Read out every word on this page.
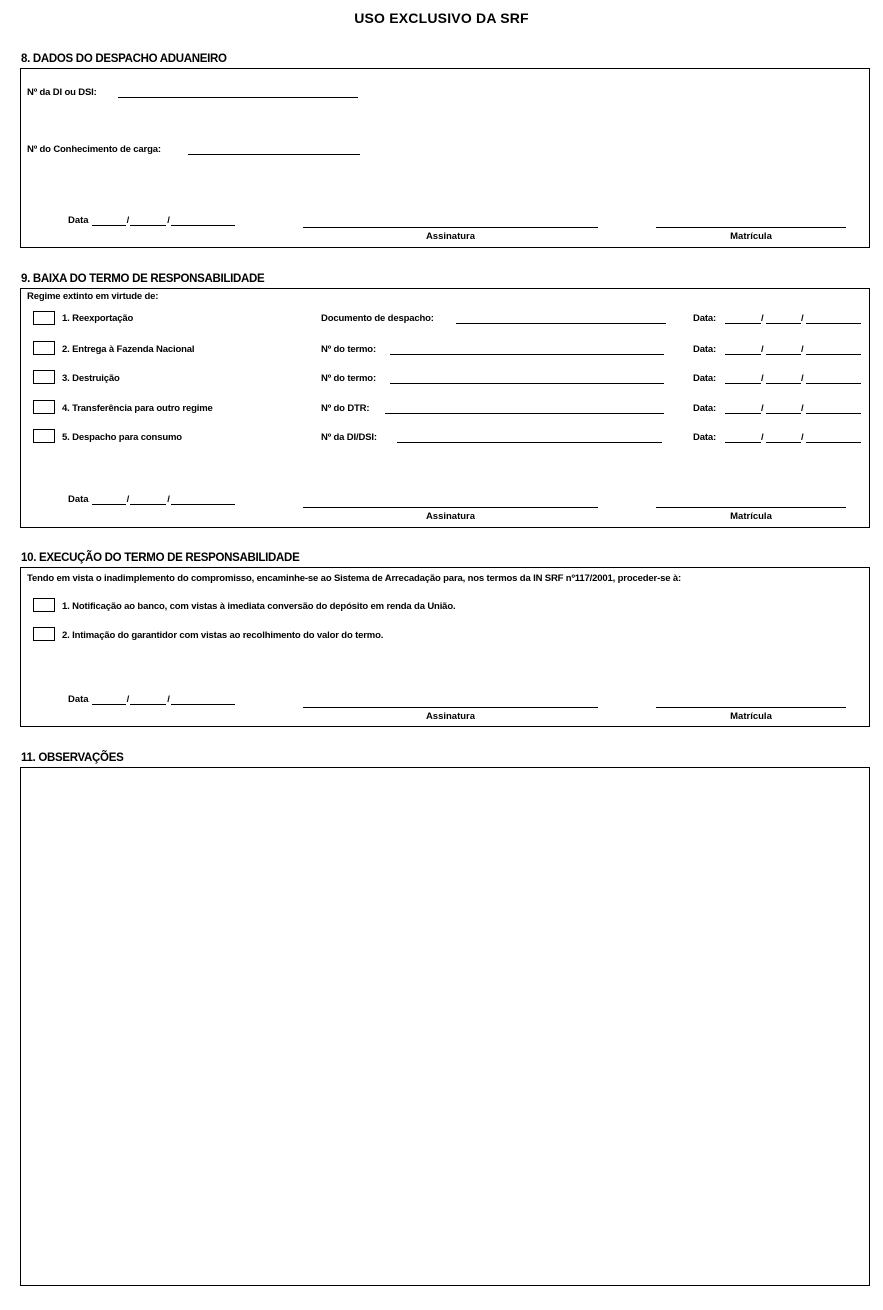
USO EXCLUSIVO DA SRF
8. DADOS DO DESPACHO ADUANEIRO
Nº da DI ou DSI:
Nº do Conhecimento de carga:
Data	/	/
Assinatura	Matrícula
9. BAIXA DO TERMO DE RESPONSABILIDADE
Regime extinto em virtude de:
1. Reexportação	Documento de despacho:	Data:	/	/
2. Entrega à Fazenda Nacional	Nº do termo:	Data:	/	/
3. Destruição	Nº do termo:	Data:	/	/
4. Transferência para outro regime	Nº do DTR:	Data:	/	/
5. Despacho para consumo	Nº da DI/DSI:	Data:	/	/
Data	/	/
Assinatura	Matrícula
10. EXECUÇÃO DO TERMO DE RESPONSABILIDADE
Tendo em vista o inadimplemento do compromisso, encaminhe-se ao Sistema de Arrecadação para, nos termos da IN SRF nº117/2001, proceder-se à:
1. Notificação ao banco, com vistas à imediata conversão do depósito em renda da União.
2. Intimação do garantidor com vistas ao recolhimento do valor do termo.
Data	/	/
Assinatura	Matrícula
11. OBSERVAÇÕES
